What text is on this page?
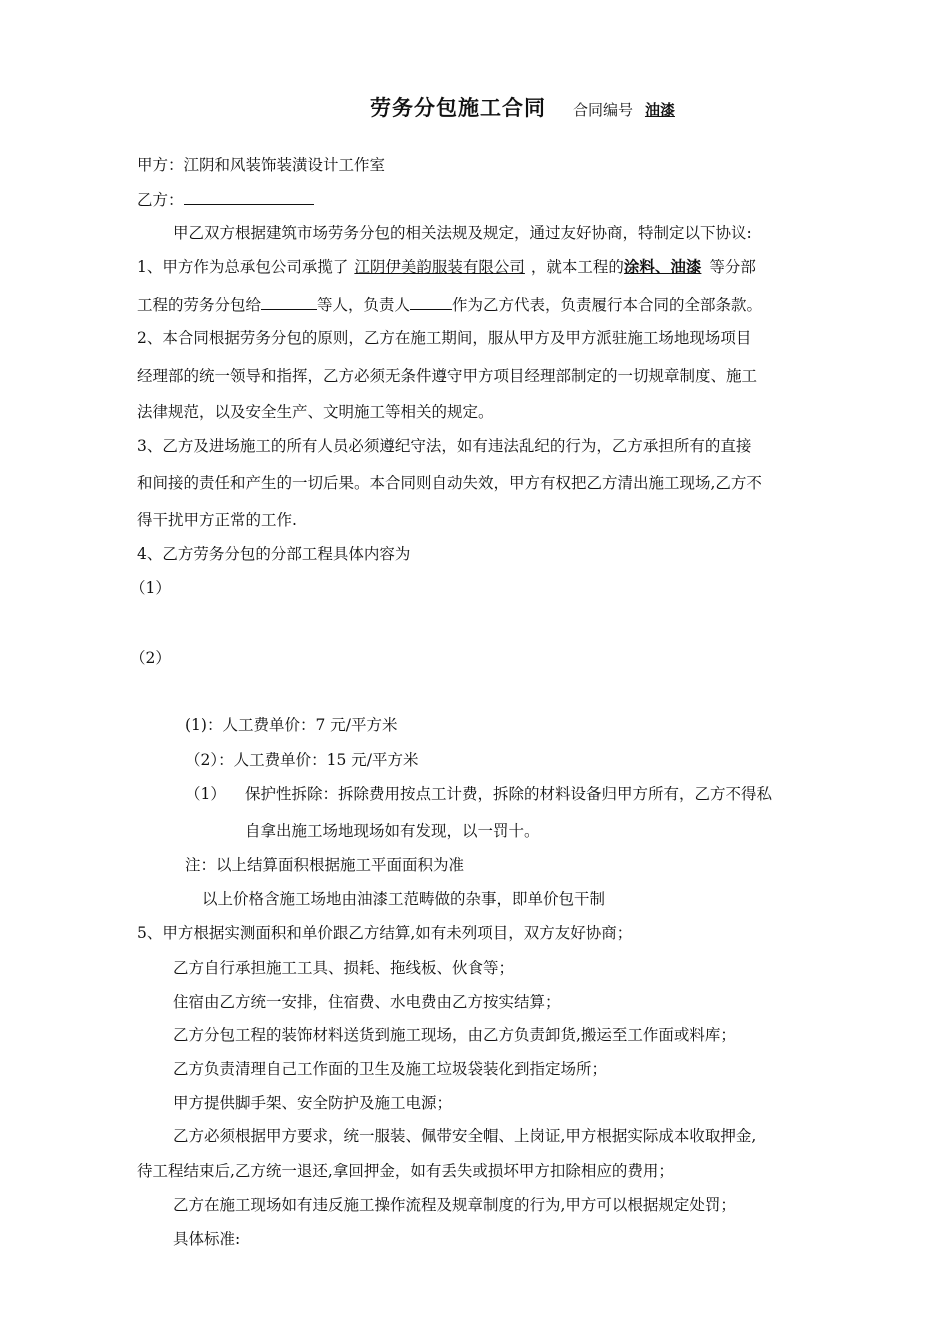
劳务分包施工合同 合同编号 油漆
甲方：江阴和风装饰装潢设计工作室
乙方：
甲乙双方根据建筑市场劳务分包的相关法规及规定，通过友好协商，特制定以下协议:
1、甲方作为总承包公司承揽了 江阴伊美韵服装有限公司 ，就本工程的涂料、油漆 等分部
工程的劳务分包给	等人，负责人	作为乙方代表，负责履行本合同的全部条款。
2、本合同根据劳务分包的原则，乙方在施工期间，服从甲方及甲方派驻施工场地现场项目
经理部的统一领导和指挥，乙方必须无条件遵守甲方项目经理部制定的一切规章制度、施工
法律规范，以及安全生产、文明施工等相关的规定。
3、乙方及进场施工的所有人员必须遵纪守法，如有违法乱纪的行为，乙方承担所有的直接
和间接的责任和产生的一切后果。本合同则自动失效，甲方有权把乙方清出施工现场,乙方不
得干扰甲方正常的工作.
4、乙方劳务分包的分部工程具体内容为
（1）
（2）
(1)：人工费单价：7 元/平方米
（2）：人工费单价：15 元/平方米
（1） 保护性拆除：拆除费用按点工计费，拆除的材料设备归甲方所有，乙方不得私
自拿出施工场地现场如有发现，以一罚十。
注：以上结算面积根据施工平面面积为准
以上价格含施工场地由油漆工范畴做的杂事，即单价包干制
5、甲方根据实测面积和单价跟乙方结算,如有未列项目，双方友好协商；
乙方自行承担施工工具、损耗、拖线板、伙食等；
住宿由乙方统一安排，住宿费、水电费由乙方按实结算；
乙方分包工程的装饰材料送货到施工现场，由乙方负责卸货,搬运至工作面或料库；
乙方负责清理自己工作面的卫生及施工垃圾袋装化到指定场所；
甲方提供脚手架、安全防护及施工电源；
乙方必须根据甲方要求，统一服装、佩带安全帽、上岗证,甲方根据实际成本收取押金,
待工程结束后,乙方统一退还,拿回押金，如有丢失或损坏甲方扣除相应的费用；
乙方在施工现场如有违反施工操作流程及规章制度的行为,甲方可以根据规定处罚；
具体标准:
